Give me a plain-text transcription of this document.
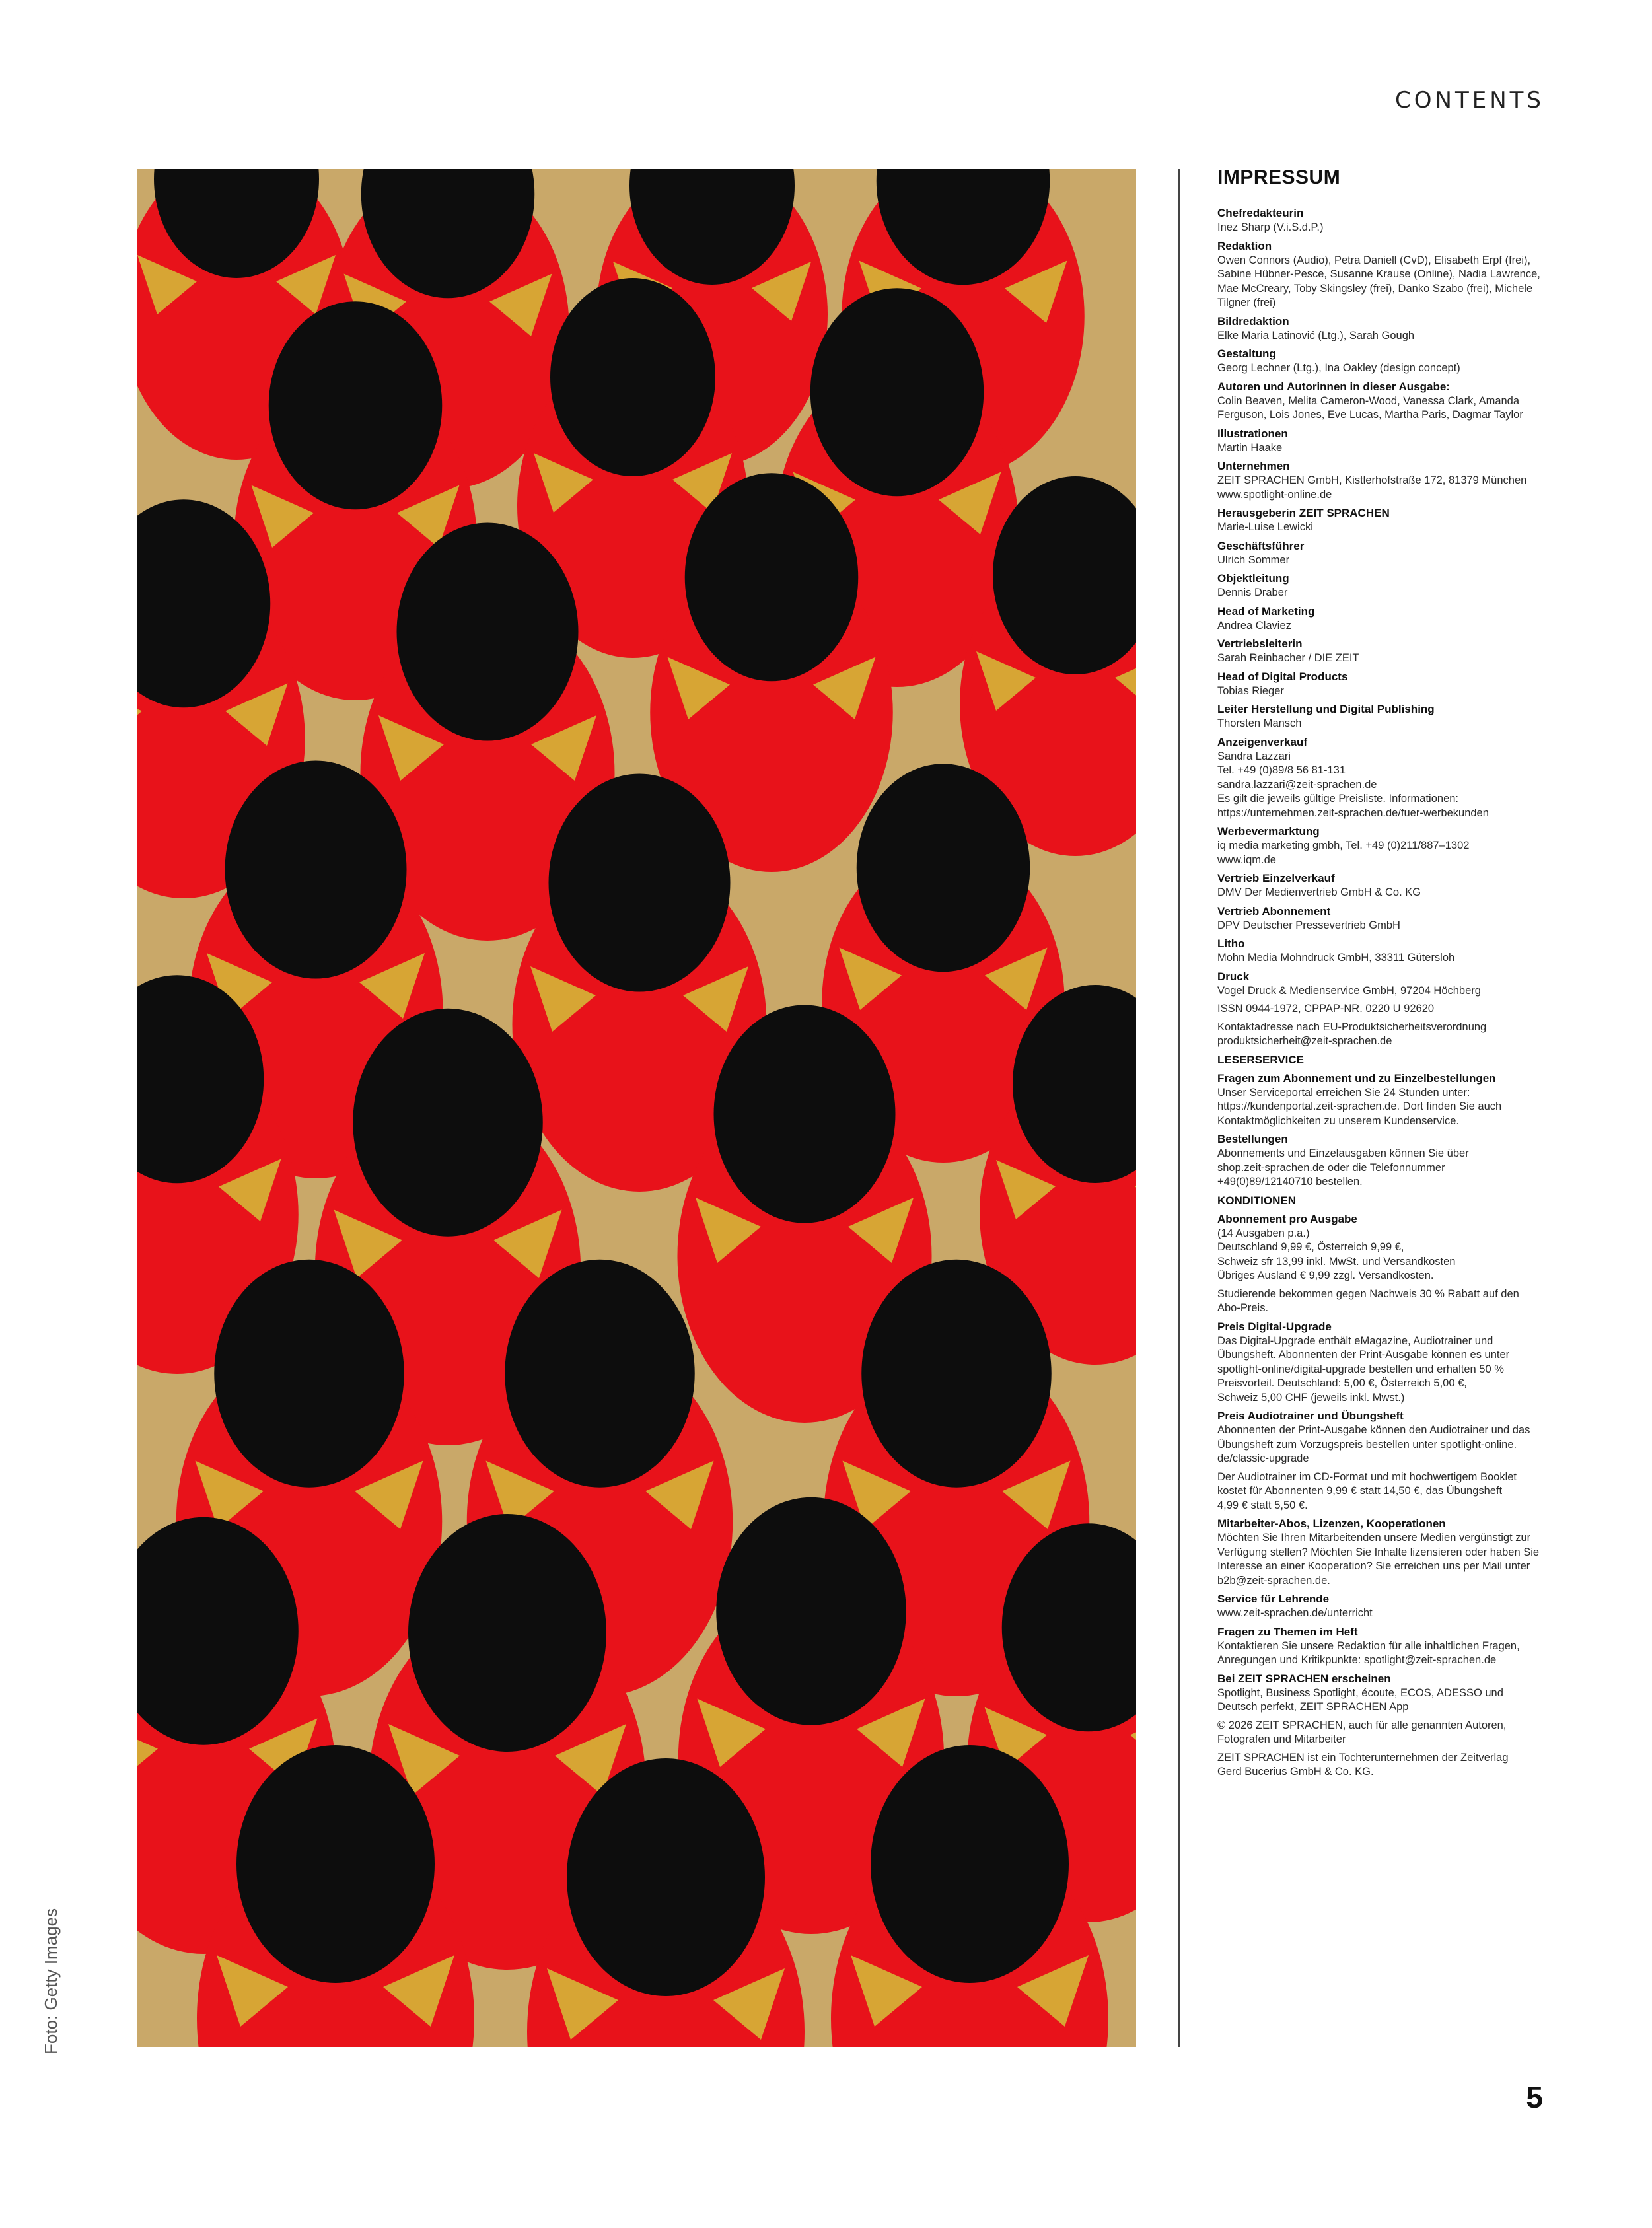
CONTENTS
Foto: Getty Images
IMPRESSUM
Chefredakteurin
Inez Sharp (V.i.S.d.P.)
Redaktion
Owen Connors (Audio), Petra Daniell (CvD), Elisabeth Erpf (frei),
Sabine Hübner-Pesce, Susanne Krause (Online), Nadia Lawrence,
Mae McCreary, Toby Skingsley (frei), Danko Szabo (frei), Michele
Tilgner (frei)
Bildredaktion
Elke Maria Latinović (Ltg.), Sarah Gough
Gestaltung
Georg Lechner (Ltg.), Ina Oakley (design concept)
Autoren und Autorinnen in dieser Ausgabe:
Colin Beaven, Melita Cameron-Wood, Vanessa Clark, Amanda
Ferguson, Lois Jones, Eve Lucas, Martha Paris, Dagmar Taylor
Illustrationen
Martin Haake
Unternehmen
ZEIT SPRACHEN GmbH, Kistlerhofstraße 172, 81379 München
www.spotlight-online.de
Herausgeberin ZEIT SPRACHEN
Marie-Luise Lewicki
Geschäftsführer
Ulrich Sommer
Objektleitung
Dennis Draber
Head of Marketing
Andrea Claviez
Vertriebsleiterin
Sarah Reinbacher / DIE ZEIT
Head of Digital Products
Tobias Rieger
Leiter Herstellung und Digital Publishing
Thorsten Mansch
Anzeigenverkauf
Sandra Lazzari
Tel. +49 (0)89/8 56 81-131
sandra.lazzari@zeit-sprachen.de
Es gilt die jeweils gültige Preisliste. Informationen:
https://unternehmen.zeit-sprachen.de/fuer-werbekunden
Werbevermarktung
iq media marketing gmbh, Tel. +49 (0)211/887–1302
www.iqm.de
Vertrieb Einzelverkauf
DMV Der Medienvertrieb GmbH & Co. KG
Vertrieb Abonnement
DPV Deutscher Pressevertrieb GmbH
Litho
Mohn Media Mohndruck GmbH, 33311 Gütersloh
Druck
Vogel Druck & Medienservice GmbH, 97204 Höchberg
ISSN 0944-1972, CPPAP-NR. 0220 U 92620
Kontaktadresse nach EU-Produktsicherheitsverordnung
produktsicherheit@zeit-sprachen.de
LESERSERVICE
Fragen zum Abonnement und zu Einzelbestellungen
Unser Serviceportal erreichen Sie 24 Stunden unter:
https://kundenportal.zeit-sprachen.de. Dort finden Sie auch
Kontaktmöglichkeiten zu unserem Kundenservice.
Bestellungen
Abonnements und Einzelausgaben können Sie über
shop.zeit-sprachen.de oder die Telefonnummer
+49(0)89/12140710 bestellen.
KONDITIONEN
Abonnement pro Ausgabe
(14 Ausgaben p.a.)
Deutschland 9,99 €, Österreich 9,99 €,
Schweiz sfr 13,99 inkl. MwSt. und Versandkosten
Übriges Ausland € 9,99 zzgl. Versandkosten.
Studierende bekommen gegen Nachweis 30 % Rabatt auf den
Abo-Preis.
Preis Digital-Upgrade
Das Digital-Upgrade enthält eMagazine, Audiotrainer und
Übungsheft. Abonnenten der Print-Ausgabe können es unter
spotlight-online/digital-upgrade bestellen und erhalten 50 %
Preisvorteil. Deutschland: 5,00 €, Österreich 5,00 €,
Schweiz 5,00 CHF (jeweils inkl. Mwst.)
Preis Audiotrainer und Übungsheft
Abonnenten der Print-Ausgabe können den Audiotrainer und das
Übungsheft zum Vorzugspreis bestellen unter spotlight-online.
de/classic-upgrade
Der Audiotrainer im CD-Format und mit hochwertigem Booklet
kostet für Abonnenten 9,99 € statt 14,50 €, das Übungsheft
4,99 € statt 5,50 €.
Mitarbeiter-Abos, Lizenzen, Kooperationen
Möchten Sie Ihren Mitarbeitenden unsere Medien vergünstigt zur
Verfügung stellen? Möchten Sie Inhalte lizensieren oder haben Sie
Interesse an einer Kooperation? Sie erreichen uns per Mail unter
b2b@zeit-sprachen.de.
Service für Lehrende
www.zeit-sprachen.de/unterricht
Fragen zu Themen im Heft
Kontaktieren Sie unsere Redaktion für alle inhaltlichen Fragen,
Anregungen und Kritikpunkte: spotlight@zeit-sprachen.de
Bei ZEIT SPRACHEN erscheinen
Spotlight, Business Spotlight, écoute, ECOS, ADESSO und
Deutsch perfekt, ZEIT SPRACHEN App
© 2026 ZEIT SPRACHEN, auch für alle genannten Autoren,
Fotografen und Mitarbeiter
ZEIT SPRACHEN ist ein Tochterunternehmen der Zeitverlag
Gerd Bucerius GmbH & Co. KG.
5
